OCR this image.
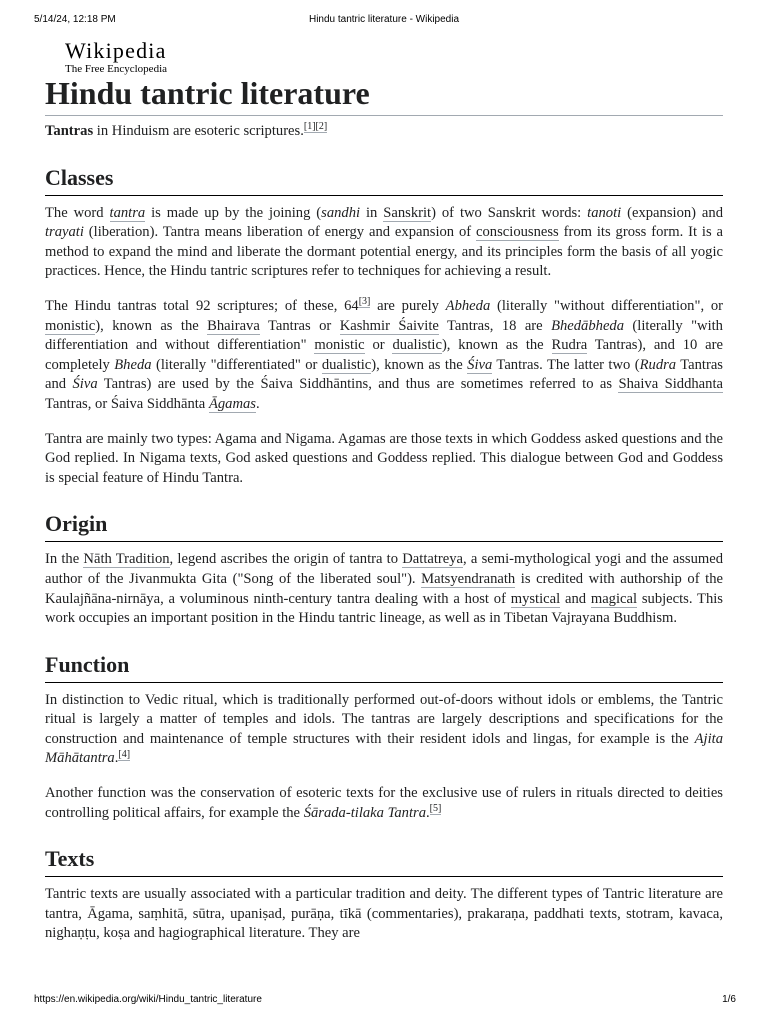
5/14/24, 12:18 PM	Hindu tantric literature - Wikipedia
Wikipedia
The Free Encyclopedia
Hindu tantric literature

Tantras in Hinduism are esoteric scriptures.[1][2]

Classes

The word tantra is made up by the joining (sandhi in Sanskrit) of two Sanskrit words: tanoti (expansion) and trayati (liberation). Tantra means liberation of energy and expansion of consciousness from its gross form. It is a method to expand the mind and liberate the dormant potential energy, and its principles form the basis of all yogic practices. Hence, the Hindu tantric scriptures refer to techniques for achieving a result.

The Hindu tantras total 92 scriptures; of these, 64[3] are purely Abheda (literally "without differentiation", or monistic), known as the Bhairava Tantras or Kashmir Śaivite Tantras, 18 are Bhedābheda (literally "with differentiation and without differentiation" monistic or dualistic), known as the Rudra Tantras), and 10 are completely Bheda (literally "differentiated" or dualistic), known as the Śiva Tantras. The latter two (Rudra Tantras and Śiva Tantras) are used by the Śaiva Siddhāntins, and thus are sometimes referred to as Shaiva Siddhanta Tantras, or Śaiva Siddhānta Āgamas.

Tantra are mainly two types: Agama and Nigama. Agamas are those texts in which Goddess asked questions and the God replied. In Nigama texts, God asked questions and Goddess replied. This dialogue between God and Goddess is special feature of Hindu Tantra.

Origin

In the Nāth Tradition, legend ascribes the origin of tantra to Dattatreya, a semi-mythological yogi and the assumed author of the Jivanmukta Gita ("Song of the liberated soul"). Matsyendranath is credited with authorship of the Kaulajñāna-nirnāya, a voluminous ninth-century tantra dealing with a host of mystical and magical subjects. This work occupies an important position in the Hindu tantric lineage, as well as in Tibetan Vajrayana Buddhism.

Function

In distinction to Vedic ritual, which is traditionally performed out-of-doors without idols or emblems, the Tantric ritual is largely a matter of temples and idols. The tantras are largely descriptions and specifications for the construction and maintenance of temple structures with their resident idols and lingas, for example is the Ajita Māhātantra.[4]

Another function was the conservation of esoteric texts for the exclusive use of rulers in rituals directed to deities controlling political affairs, for example the Śārada-tilaka Tantra.[5]

Texts

Tantric texts are usually associated with a particular tradition and deity. The different types of Tantric literature are tantra, Āgama, saṃhitā, sūtra, upaniṣad, purāṇa, tīkā (commentaries), prakaraṇa, paddhati texts, stotram, kavaca, nighaṇṭu, koṣa and hagiographical literature. They are

https://en.wikipedia.org/wiki/Hindu_tantric_literature	1/6
